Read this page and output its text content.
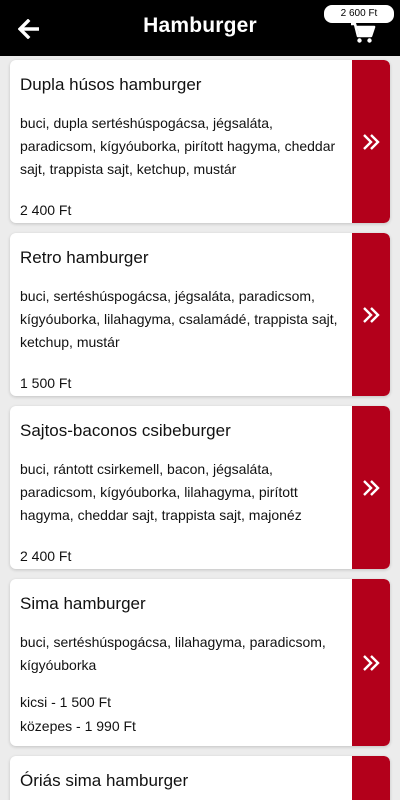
Hamburger
2 600 Ft
Dupla húsos hamburger
buci, dupla sertéshúspogácsa, jégsaláta, paradicsom, kígyóuborka, pirított hagyma, cheddar sajt, trappista sajt, ketchup, mustár
2 400 Ft
Retro hamburger
buci, sertéshúspogácsa, jégsaláta, paradicsom, kígyóuborka, lilahagyma, csalamádé, trappista sajt, ketchup, mustár
1 500 Ft
Sajtos-baconos csibeburger
buci, rántott csirkemell, bacon, jégsaláta, paradicsom, kígyóuborka, lilahagyma, pirított hagyma, cheddar sajt, trappista sajt, majonéz
2 400 Ft
Sima hamburger
buci, sertéshúspogácsa, lilahagyma, paradicsom, kígyóuborka
kicsi - 1 500 Ft
közepes - 1 990 Ft
Óriás sima hamburger
